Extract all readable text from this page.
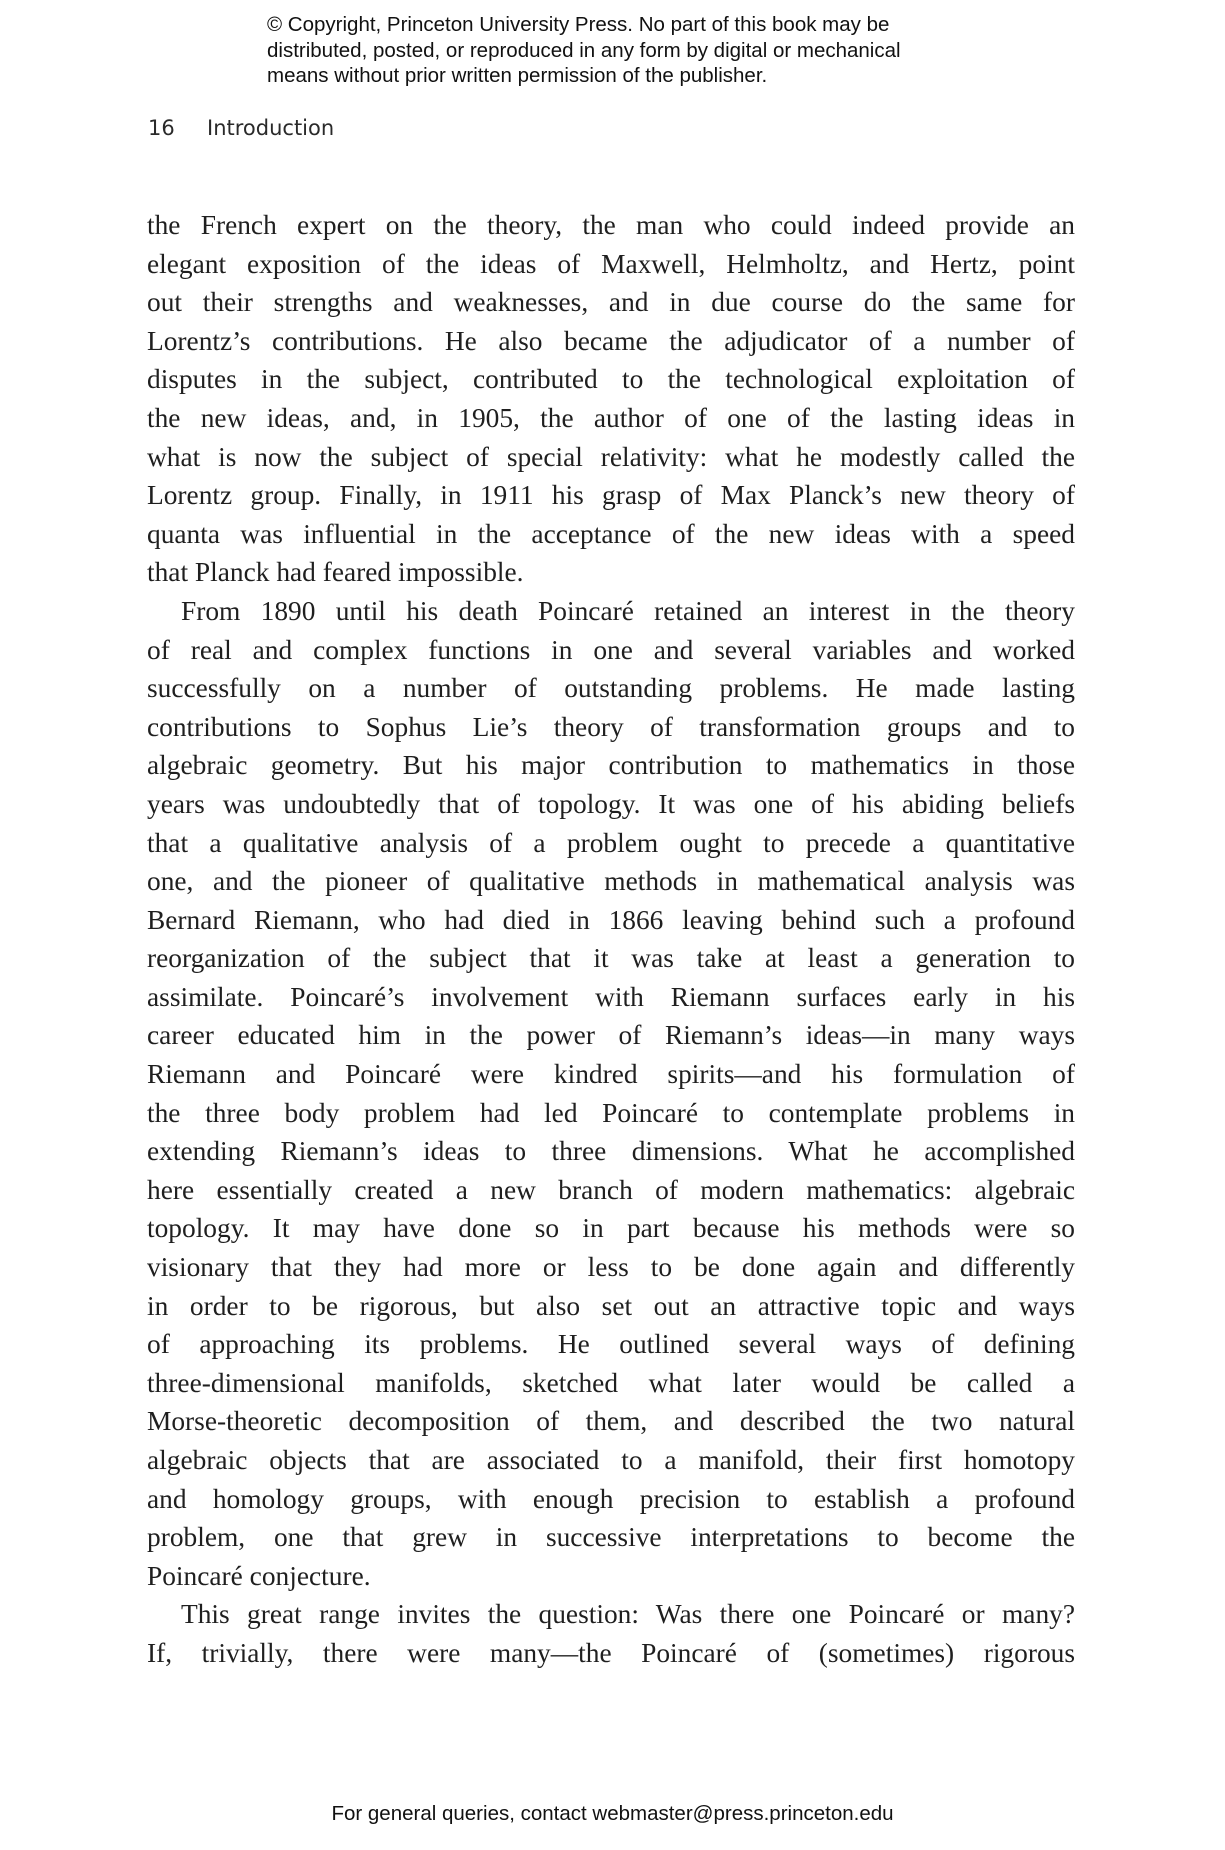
© Copyright, Princeton University Press. No part of this book may be
distributed, posted, or reproduced in any form by digital or mechanical
means without prior written permission of the publisher.
16 Introduction
the French expert on the theory, the man who could indeed provide an
elegant exposition of the ideas of Maxwell, Helmholtz, and Hertz, point
out their strengths and weaknesses, and in due course do the same for
Lorentz’s contributions. He also became the adjudicator of a number of
disputes in the subject, contributed to the technological exploitation of
the new ideas, and, in 1905, the author of one of the lasting ideas in
what is now the subject of special relativity: what he modestly called the
Lorentz group. Finally, in 1911 his grasp of Max Planck’s new theory of
quanta was influential in the acceptance of the new ideas with a speed
that Planck had feared impossible.
From 1890 until his death Poincaré retained an interest in the theory
of real and complex functions in one and several variables and worked
successfully on a number of outstanding problems. He made lasting
contributions to Sophus Lie’s theory of transformation groups and to
algebraic geometry. But his major contribution to mathematics in those
years was undoubtedly that of topology. It was one of his abiding beliefs
that a qualitative analysis of a problem ought to precede a quantitative
one, and the pioneer of qualitative methods in mathematical analysis was
Bernard Riemann, who had died in 1866 leaving behind such a profound
reorganization of the subject that it was take at least a generation to
assimilate. Poincaré’s involvement with Riemann surfaces early in his
career educated him in the power of Riemann’s ideas—in many ways
Riemann and Poincaré were kindred spirits—and his formulation of
the three body problem had led Poincaré to contemplate problems in
extending Riemann’s ideas to three dimensions. What he accomplished
here essentially created a new branch of modern mathematics: algebraic
topology. It may have done so in part because his methods were so
visionary that they had more or less to be done again and differently
in order to be rigorous, but also set out an attractive topic and ways
of approaching its problems. He outlined several ways of defining
three-dimensional manifolds, sketched what later would be called a
Morse-theoretic decomposition of them, and described the two natural
algebraic objects that are associated to a manifold, their first homotopy
and homology groups, with enough precision to establish a profound
problem, one that grew in successive interpretations to become the
Poincaré conjecture.
This great range invites the question: Was there one Poincaré or many?
If, trivially, there were many—the Poincaré of (sometimes) rigorous
For general queries, contact webmaster@press.princeton.edu
